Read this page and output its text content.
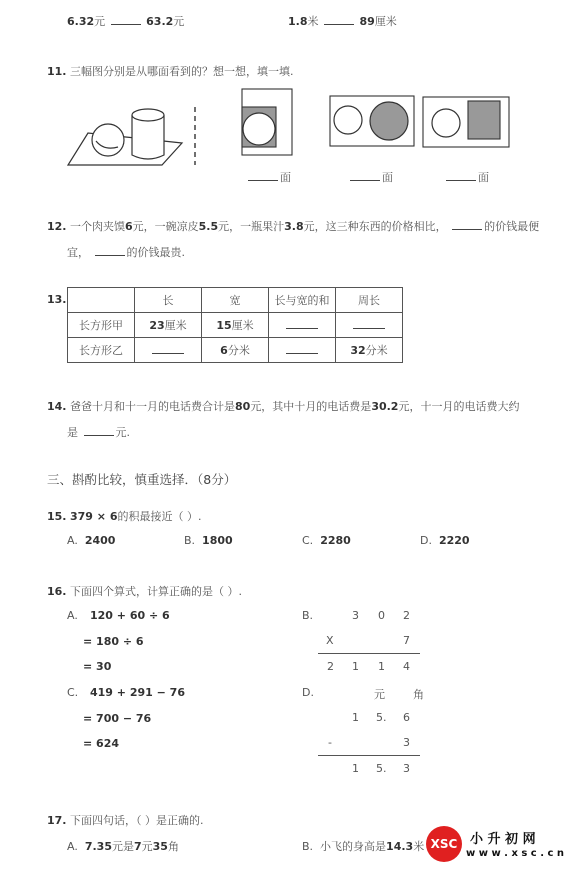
6.32元	63.2元	1.8米	89厘米
11. 三幅图分别是从哪面看到的？想一想，填一填.
面	面	面
12. 一个肉夹馍6元，一碗凉皮5.5元，一瓶果汁3.8元，这三种东西的价格相比，	的价钱最便
宜，	的价钱最贵.
13.
		长	宽	长与宽的和	周长
长方形甲	23厘米	15厘米		
长方形乙		6分米		32分米
14. 爸爸十月和十一月的电话费合计是80元，其中十月的电话费是30.2元，十一月的电话费大约
是	元.
三、斟酌比较，慎重选择．（8分）
15. 379 × 6的积最接近（ ）.
A. 2400	B. 1800	C. 2280	D. 2220
16. 下面四个算式，计算正确的是（ ）.
A. 120 + 60 ÷ 6
= 180 ÷ 6
= 30
B.	3 0 2
X	7
2 1 1 4
C. 419 + 291 − 76
= 700 − 76
= 624
D.	元	角
1 5. 6
-	3
1 5. 3
17. 下面四句话，（ ）是正确的.
A. 7.35元是7元35角	B. 小飞的身高是14.3米 XSC 小 升 初 网
w w w . x s c . c n
